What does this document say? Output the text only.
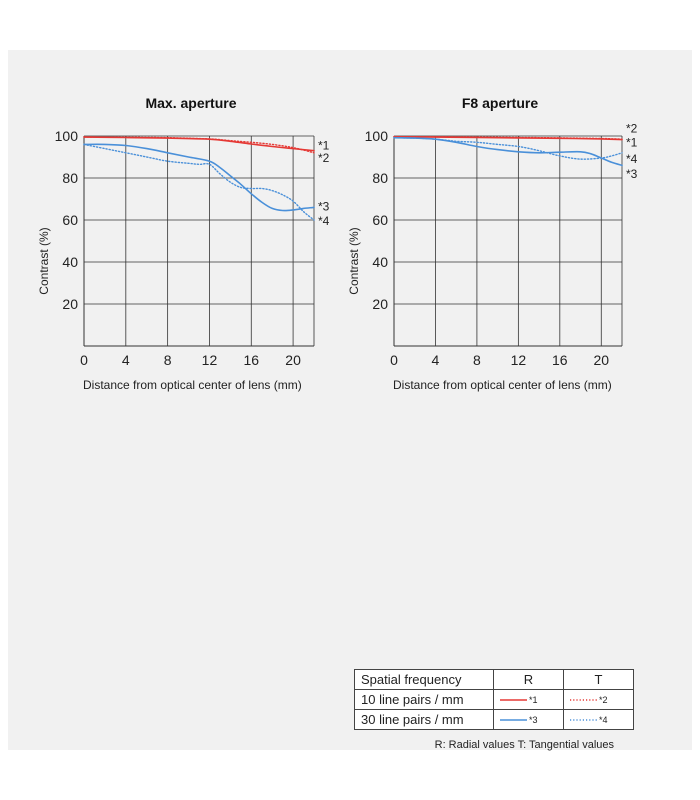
Max. aperture
20
40
60
80
100
0 4 8 12 16 20
Distance from optical center of lens (mm)
Contrast (%)
*1
*2
*3
*4
F8 aperture
20
40
60
80
100
0 4 8 12 16 20
Distance from optical center of lens (mm)
Contrast (%)
*2
*1
*4
*3
Spatial frequency	R	T
10 line pairs / mm	*1	*2

30 line pairs / mm	*3	*4
R: Radial values T: Tangential values
